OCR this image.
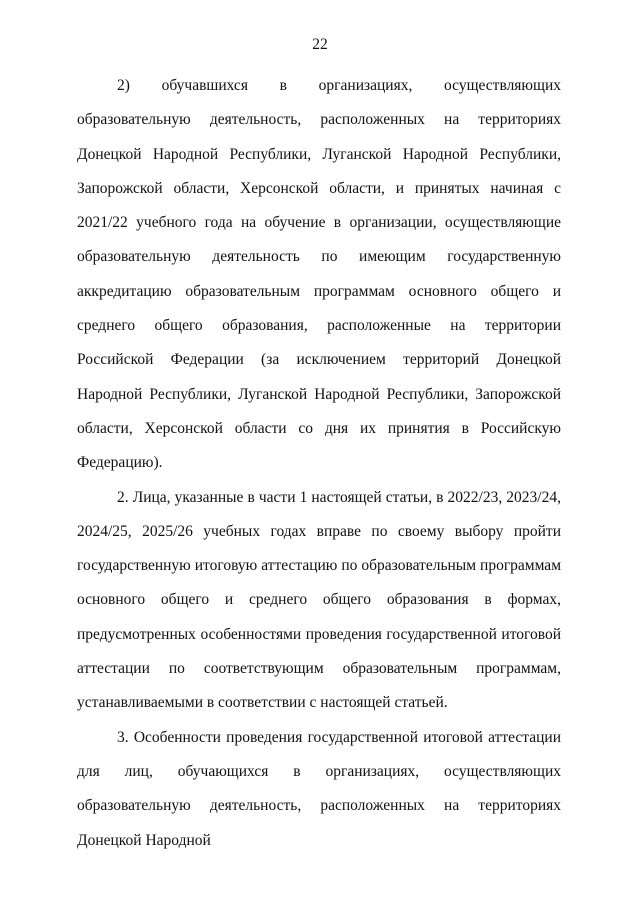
22

2) обучавшихся в организациях, осуществляющих образовательную деятельность, расположенных на территориях Донецкой Народной Республики, Луганской Народной Республики, Запорожской области, Херсонской области, и принятых начиная с 2021/22 учебного года на обучение в организации, осуществляющие образовательную деятельность по имеющим государственную аккредитацию образовательным программам основного общего и среднего общего образования, расположенные на территории Российской Федерации (за исключением территорий Донецкой Народной Республики, Луганской Народной Республики, Запорожской области, Херсонской области со дня их принятия в Российскую Федерацию).

2. Лица, указанные в части 1 настоящей статьи, в 2022/23, 2023/24, 2024/25, 2025/26 учебных годах вправе по своему выбору пройти государственную итоговую аттестацию по образовательным программам основного общего и среднего общего образования в формах, предусмотренных особенностями проведения государственной итоговой аттестации по соответствующим образовательным программам, устанавливаемыми в соответствии с настоящей статьей.

3. Особенности проведения государственной итоговой аттестации для лиц, обучающихся в организациях, осуществляющих образовательную деятельность, расположенных на территориях Донецкой Народной
